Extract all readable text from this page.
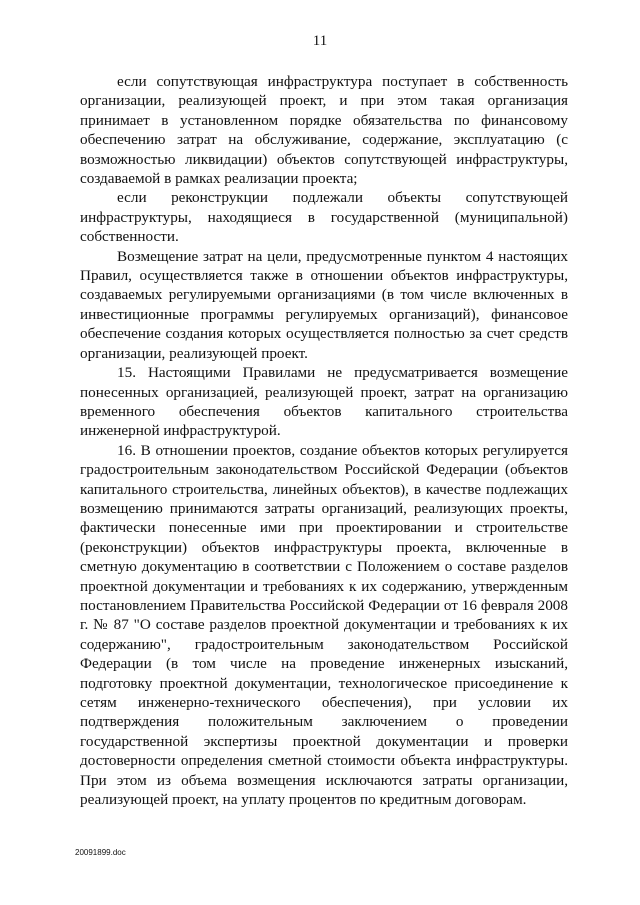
11

если сопутствующая инфраструктура поступает в собственность организации, реализующей проект, и при этом такая организация принимает в установленном порядке обязательства по финансовому обеспечению затрат на обслуживание, содержание, эксплуатацию (с возможностью ликвидации) объектов сопутствующей инфраструктуры, создаваемой в рамках реализации проекта;

если реконструкции подлежали объекты сопутствующей инфраструктуры, находящиеся в государственной (муниципальной) собственности.

Возмещение затрат на цели, предусмотренные пунктом 4 настоящих Правил, осуществляется также в отношении объектов инфраструктуры, создаваемых регулируемыми организациями (в том числе включенных в инвестиционные программы регулируемых организаций), финансовое обеспечение создания которых осуществляется полностью за счет средств организации, реализующей проект.

15. Настоящими Правилами не предусматривается возмещение понесенных организацией, реализующей проект, затрат на организацию временного обеспечения объектов капитального строительства инженерной инфраструктурой.

16. В отношении проектов, создание объектов которых регулируется градостроительным законодательством Российской Федерации (объектов капитального строительства, линейных объектов), в качестве подлежащих возмещению принимаются затраты организаций, реализующих проекты, фактически понесенные ими при проектировании и строительстве (реконструкции) объектов инфраструктуры проекта, включенные в сметную документацию в соответствии с Положением о составе разделов проектной документации и требованиях к их содержанию, утвержденным постановлением Правительства Российской Федерации от 16 февраля 2008 г. № 87 "О составе разделов проектной документации и требованиях к их содержанию", градостроительным законодательством Российской Федерации (в том числе на проведение инженерных изысканий, подготовку проектной документации, технологическое присоединение к сетям инженерно-технического обеспечения), при условии их подтверждения положительным заключением о проведении государственной экспертизы проектной документации и проверки достоверности определения сметной стоимости объекта инфраструктуры. При этом из объема возмещения исключаются затраты организации, реализующей проект, на уплату процентов по кредитным договорам.

20091899.doc
